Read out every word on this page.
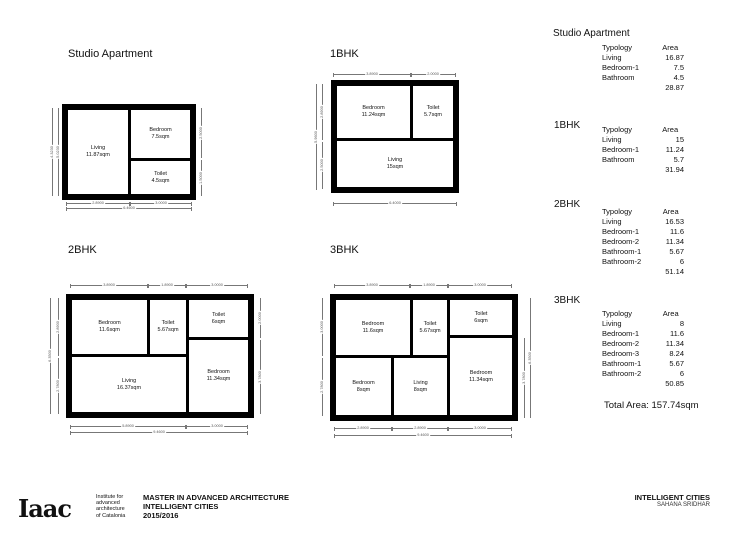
Studio Apartment
Living
11.87sqm
Bedroom
7.5sqm
Toilet
4.5sqm
2.8900	3.0000
6.4600
4.3230 5.0230
2.5000
1.5000
1BHK
3.8900	2.0000
Bedroom
11.24sqm
Toilet
5.7sqm
Living
15sqm
6.4000
2.8900
2.5000
5.9600
2BHK
3.8900	1.8900	3.0000
Bedroom
11.6sqm
Toilet
5.67sqm
Toilet
6sqm
Living
16.37sqm
Bedroom
11.34sqm
5.8900	3.0000
9.4600
2.8900
2.7800
6.3500
2.0000
3.7800
3BHK
3.8900	1.8900	3.0000
Bedroom
11.6sqm
Toilet
5.67sqm
Toilet
6sqm
Bedroom
8sqm
Living
8sqm
Bedroom
11.34sqm
2.8900	2.8900	3.0000
9.4600
3.0000
2.7800
3.7800
6.3500
Studio Apartment
Typology	Area
Living	16.87
Bedroom-1	7.5
Bathroom	4.5
	28.87
1BHK	Typology	Area
Living	15
Bedroom-1	11.24
Bathroom	5.7
	31.94
2BHK
Typology	Area
Living	16.53
Bedroom-1	11.6
Bedroom-2	11.34
Bathroom-1	5.67
Bathroom-2	6
	51.14
3BHK
Typology	Area
Living	8
Bedroom-1	11.6
Bedroom-2	11.34
Bedroom-3	8.24
Bathroom-1	5.67
Bathroom-2	6
	50.85
Total Area: 157.74sqm
Iaac	Institute for
advanced
architecture
of Catalonia
MASTER IN ADVANCED ARCHITECTURE
INTELLIGENT CITIES
2015/2016
INTELLIGENT CITIES
SAHANA SRIDHAR
